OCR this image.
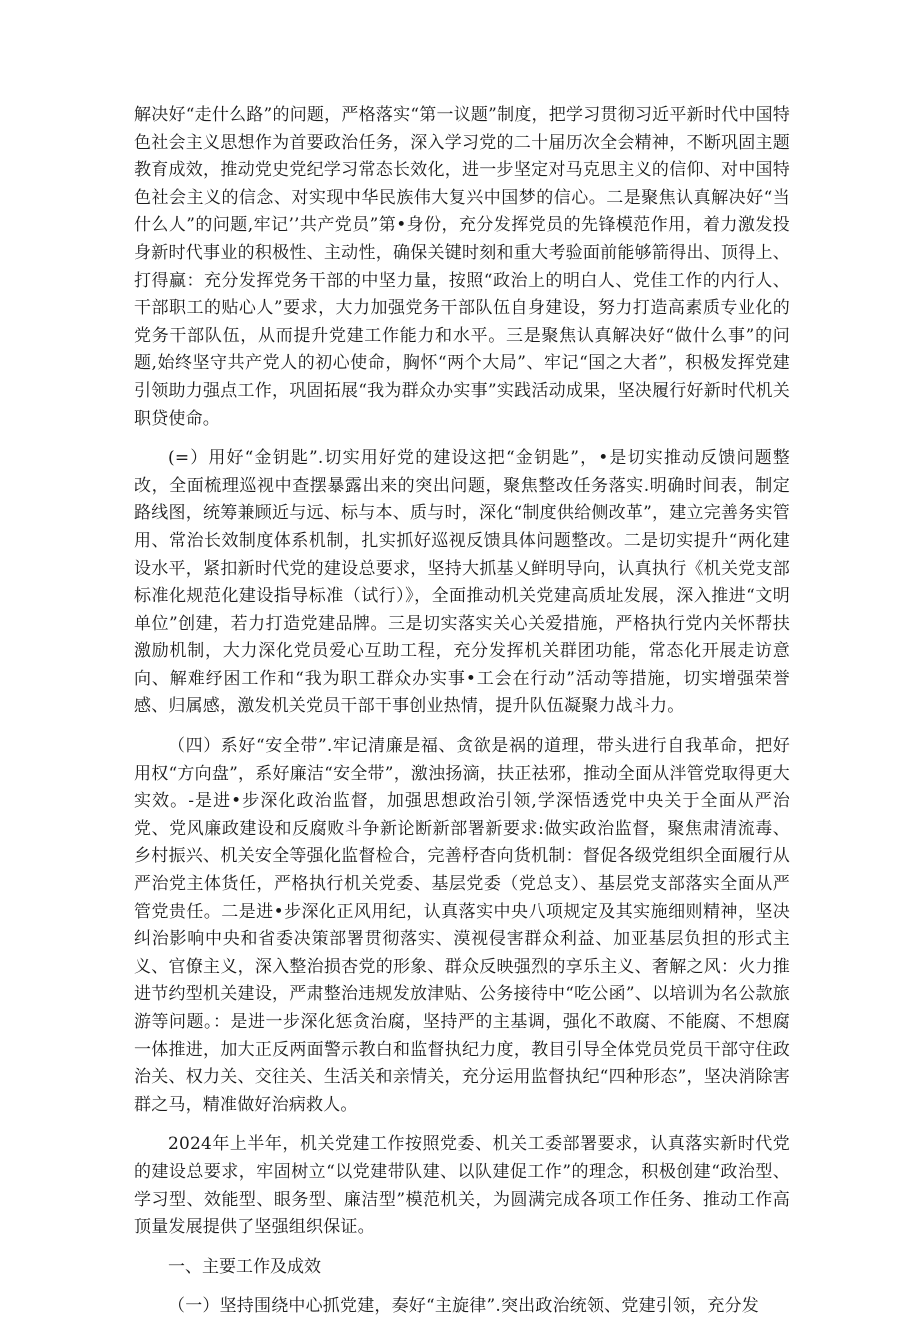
解决好“走什么路”的问题，严格落实“第一议题”制度，把学习贯彻习近平新时代中国特色社会主义思想作为首要政治任务，深入学习党的二十届历次全会精神，不断巩固主题教育成效，推动党史党纪学习常态长效化，进一步坚定对马克思主义的信仰、对中国特色社会主义的信念、对实现中华民族伟大复兴中国梦的信心。二是聚焦认真解决好“当什么人”的问题,牢记’’共产党员”第•身份，充分发挥党员的先锋模范作用，着力激发投身新时代事业的积极性、主动性，确保关键时刻和重大考验面前能够箭得出、顶得上、打得赢：充分发挥党务干部的中坚力量，按照“政治上的明白人、党佳工作的内行人、干部职工的贴心人”要求，大力加强党务干部队伍自身建设，努力打造高素质专业化的党务干部队伍，从而提升党建工作能力和水平。三是聚焦认真解决好“做什么事”的问题,始终坚守共产党人的初心使命，胸怀“两个大局”、牢记“国之大者”，积极发挥党建引领助力强点工作，巩固拓展“我为群众办实事”实践活动成果，坚决履行好新时代机关职贷使命。

(=）用好“金钥匙”.切实用好党的建设这把“金钥匙”，•是切实推动反馈问题整改，全面梳理巡视中查摆暴露出来的突出问题，聚焦整改任务落实.明确时间表，制定路线图，统筹兼顾近与远、标与本、质与时，深化“制度供给侧改革”，建立完善务实管用、常治长效制度体系机制，扎实抓好巡视反馈具体问题整改。二是切实提升“两化建设水平，紧扣新时代党的建设总要求，坚持大抓基乂鲜明导向，认真执行《机关党支部标准化规范化建设指导标准（试行）》，全面推动机关党建高质址发展，深入推进“文明单位”创建，若力打造党建品牌。三是切实落实关心关爱措施，严格执行党内关怀帮扶激励机制，大力深化党员爱心互助工程，充分发挥机关群团功能，常态化开展走访意向、解难纾困工作和“我为职工群众办实事•工会在行动”活动等措施，切实增强荣誉感、归属感，激发机关党员干部干事创业热情，提升队伍凝聚力战斗力。

（四）系好“安全带”.牢记清廉是福、贪欲是祸的道理，带头进行自我革命，把好用权“方向盘”，系好廉洁“安全带”，激浊扬滴，扶正祛邪，推动全面从泮管党取得更大实效。-是进•步深化政治监督，加强思想政治引领,学深悟透党中央关于全面从严治党、党风廉政建设和反腐败斗争新论断新部署新要求:做实政治监督，聚焦肃清流毒、乡村振兴、机关安全等强化监督检合，完善杼杳向货机制：督促各级党组织全面履行从严治党主体货任，严格执行机关党委、基层党委（党总支）、基层党支部落实全面从严管党贵任。二是进•步深化正风用纪，认真落实中央八项规定及其实施细则精神，坚决纠治影响中央和省委决策部署贯彻落实、漠视侵害群众利益、加亚基层负担的形式主义、官僚主义，深入整治损杏党的形象、群众反映强烈的享乐主义、奢解之风：火力推进节约型机关建设，严肃整治违规发放津贴、公务接待中“吃公函”、以培训为名公款旅游等问题。：是进一步深化惩贪治腐，坚持严的主基调，强化不敢腐、不能腐、不想腐一体推进，加大正反两面警示教白和监督执纪力度，教目引导全体党员党员干部守住政治关、权力关、交往关、生活关和亲情关，充分运用监督执纪“四种形态”，坚决消除害群之马，精准做好治病救人。

2024年上半年，机关党建工作按照党委、机关工委部署要求，认真落实新时代党的建设总要求，牢固树立“以党建带队建、以队建促工作”的理念，积极创建“政治型、学习型、效能型、眼务型、廉洁型”模范机关，为圆满完成各项工作任务、推动工作高顶量发展提供了坚强组织保证。

一、主要工作及成效

（一）坚持围绕中心抓党建，奏好“主旋律”.突出政治统领、党建引领，充分发
